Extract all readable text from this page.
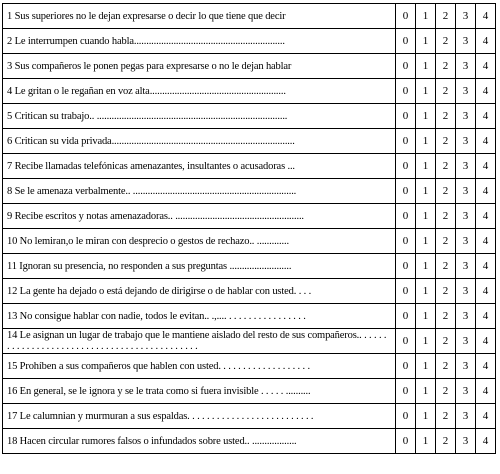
1 Sus superiores no le dejan expresarse o decir lo que tiene que decir	0	1	2	3	4
2 Le interrumpen cuando habla.............................................................	0	1	2	3	4
3 Sus compañeros le ponen pegas para expresarse o no le dejan hablar	0	1	2	3	4
4 Le gritan o le regañan en voz alta.......................................................	0	1	2	3	4
5 Critican su trabajo.. .............................................................................	0	1	2	3	4
6 Critican su vida privada..........................................................................	0	1	2	3	4
7 Recibe llamadas telefónicas amenazantes, insultantes o acusadoras ...	0	1	2	3	4
8 Se le amenaza verbalmente.. ..................................................................	0	1	2	3	4
9 Recibe escritos y notas amenazadoras.. ....................................................	0	1	2	3	4
10 No lemiran,o le miran con desprecio o gestos de rechazo.. .............	0	1	2	3	4
11 Ignoran su presencia, no responden a sus preguntas .........................	0	1	2	3	4
12 La gente ha dejado o está dejando de dirigirse o de hablar con usted. . . .	0	1	2	3	4
13 No consigue hablar con nadie, todos le evitan.. .,.... . . . . . . . . . . . . . . . .	0	1	2	3	4
14 Le asignan un lugar de trabajo que le mantiene aislado del resto de sus compañeros.. . . . . . . . . . . . . . . . . . . . . . . . . . . . . . . . . . . . . . . . . . . . .	0	1	2	3	4
15 Prohíben a sus compañeros que hablen con usted. . . . . . . . . . . . . . . . . . .	0	1	2	3	4
16 En general, se le ignora y se le trata como si fuera invisible . . . . . ..........	0	1	2	3	4
17 Le calumnian y murmuran a sus espaldas. . . . . . . . . . . . . . . . . . . . . . . . . .	0	1	2	3	4
18 Hacen circular rumores falsos o infundados sobre usted.. ..................	0	1	2	3	4
